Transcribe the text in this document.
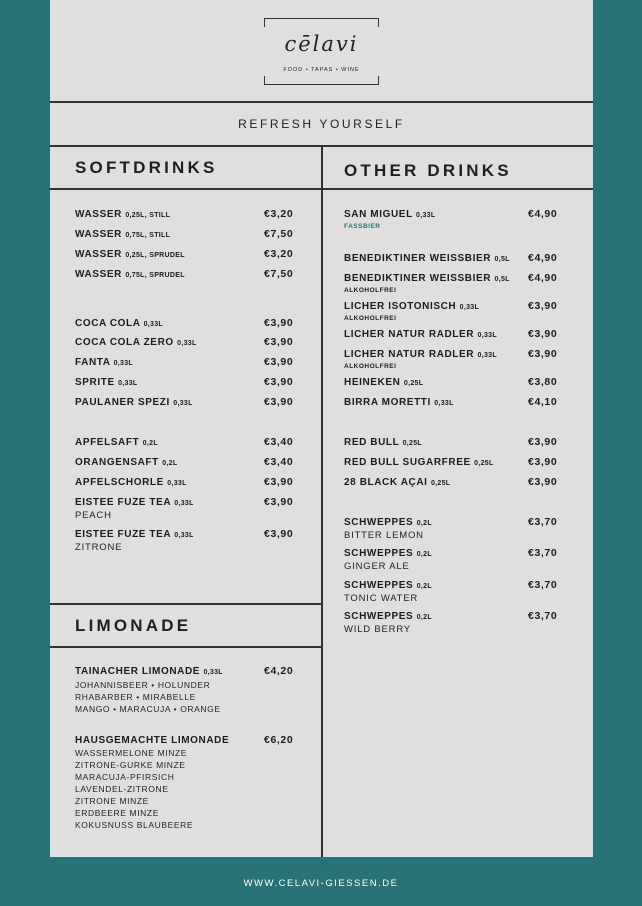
cēlavi
FOOD • TAPAS • WINE
REFRESH YOURSELF
SOFTDRINKS	OTHER DRINKS
LIMONADE
WASSER 0,25L, STILL	€3,20
WASSER 0,75L, STILL	€7,50
WASSER 0,25L, SPRUDEL	€3,20
WASSER 0,75L, SPRUDEL	€7,50
COCA COLA 0,33L	€3,90
COCA COLA ZERO 0,33L	€3,90
FANTA 0,33L	€3,90
SPRITE 0,33L	€3,90
PAULANER SPEZI 0,33L	€3,90
APFELSAFT 0,2L	€3,40
ORANGENSAFT 0,2L	€3,40
APFELSCHORLE 0,33L	€3,90
EISTEE FUZE TEA 0,33L
PEACH
€3,90
EISTEE FUZE TEA 0,33L
ZITRONE
€3,90
SAN MIGUEL 0,33L
FASSBIER
€4,90
BENEDIKTINER WEISSBIER 0,5L €4,90
BENEDIKTINER WEISSBIER 0,5L
ALKOHOLFREI
€4,90
LICHER ISOTONISCH 0,33L
ALKOHOLFREI
€3,90
LICHER NATUR RADLER 0,33L	€3,90
LICHER NATUR RADLER 0,33L
ALKOHOLFREI
€3,90
HEINEKEN 0,25L	€3,80
BIRRA MORETTI 0,33L	€4,10
RED BULL 0,25L	€3,90
RED BULL SUGARFREE 0,25L	€3,90
28 BLACK AÇAI 0,25L	€3,90
SCHWEPPES 0,2L
BITTER LEMON
€3,70
SCHWEPPES 0,2L
GINGER ALE
€3,70
SCHWEPPES 0,2L
TONIC WATER
€3,70
SCHWEPPES 0,2L
WILD BERRY
€3,70
TAINACHER LIMONADE 0,33L
JOHANNISBEER • HOLUNDER
RHABARBER • MIRABELLE
MANGO • MARACUJA • ORANGE
€4,20
HAUSGEMACHTE LIMONADE
WASSERMELONE MINZE
ZITRONE-GURKE MINZE
MARACUJA-PFIRSICH
LAVENDEL-ZITRONE
ZITRONE MINZE
ERDBEERE MINZE
KOKUSNUSS BLAUBEERE
€6,20
WWW.CELAVI-GIESSEN.DE
